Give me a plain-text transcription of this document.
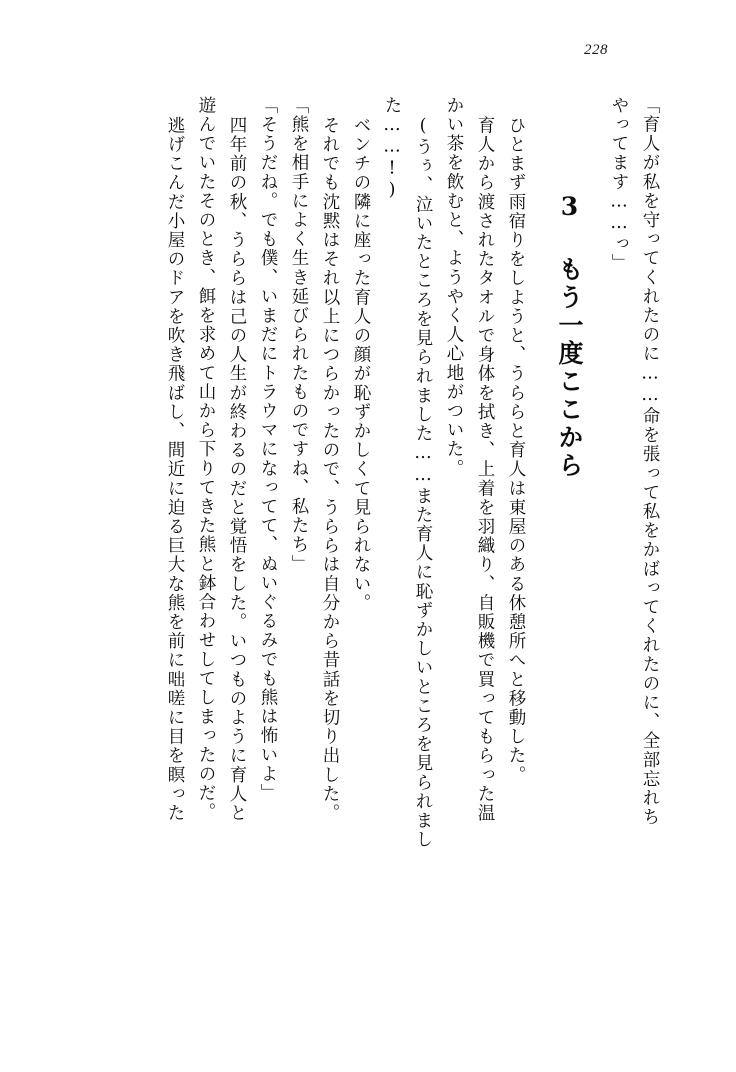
228
「育人が私を守ってくれたのに……命を張って私をかばってくれたのに、全部忘れち
やってます……っ」
3 もう一度ここから
ひとまず雨宿りをしようと、うららと育人は東屋のある休憩所へと移動した。
育人から渡されたタオルで身体を拭き、上着を羽織り、自販機で買ってもらった温
かい茶を飲むと、ようやく人心地がついた。
(うぅ、泣いたところを見られました……また育人に恥ずかしいところを見られまし
た……!)
ベンチの隣に座った育人の顔が恥ずかしくて見られない。
それでも沈黙はそれ以上につらかったので、うららは自分から昔話を切り出した。
「熊を相手によく生き延びられたものですね、私たち」
「そうだね。でも僕、いまだにトラウマになってて、ぬいぐるみでも熊は怖いよ」
四年前の秋、うららは己の人生が終わるのだと覚悟をした。いつものように育人と
遊んでいたそのとき、餌を求めて山から下りてきた熊と鉢合わせしてしまったのだ。
逃げこんだ小屋のドアを吹き飛ばし、間近に迫る巨大な熊を前に咄嗟に目を瞑った
